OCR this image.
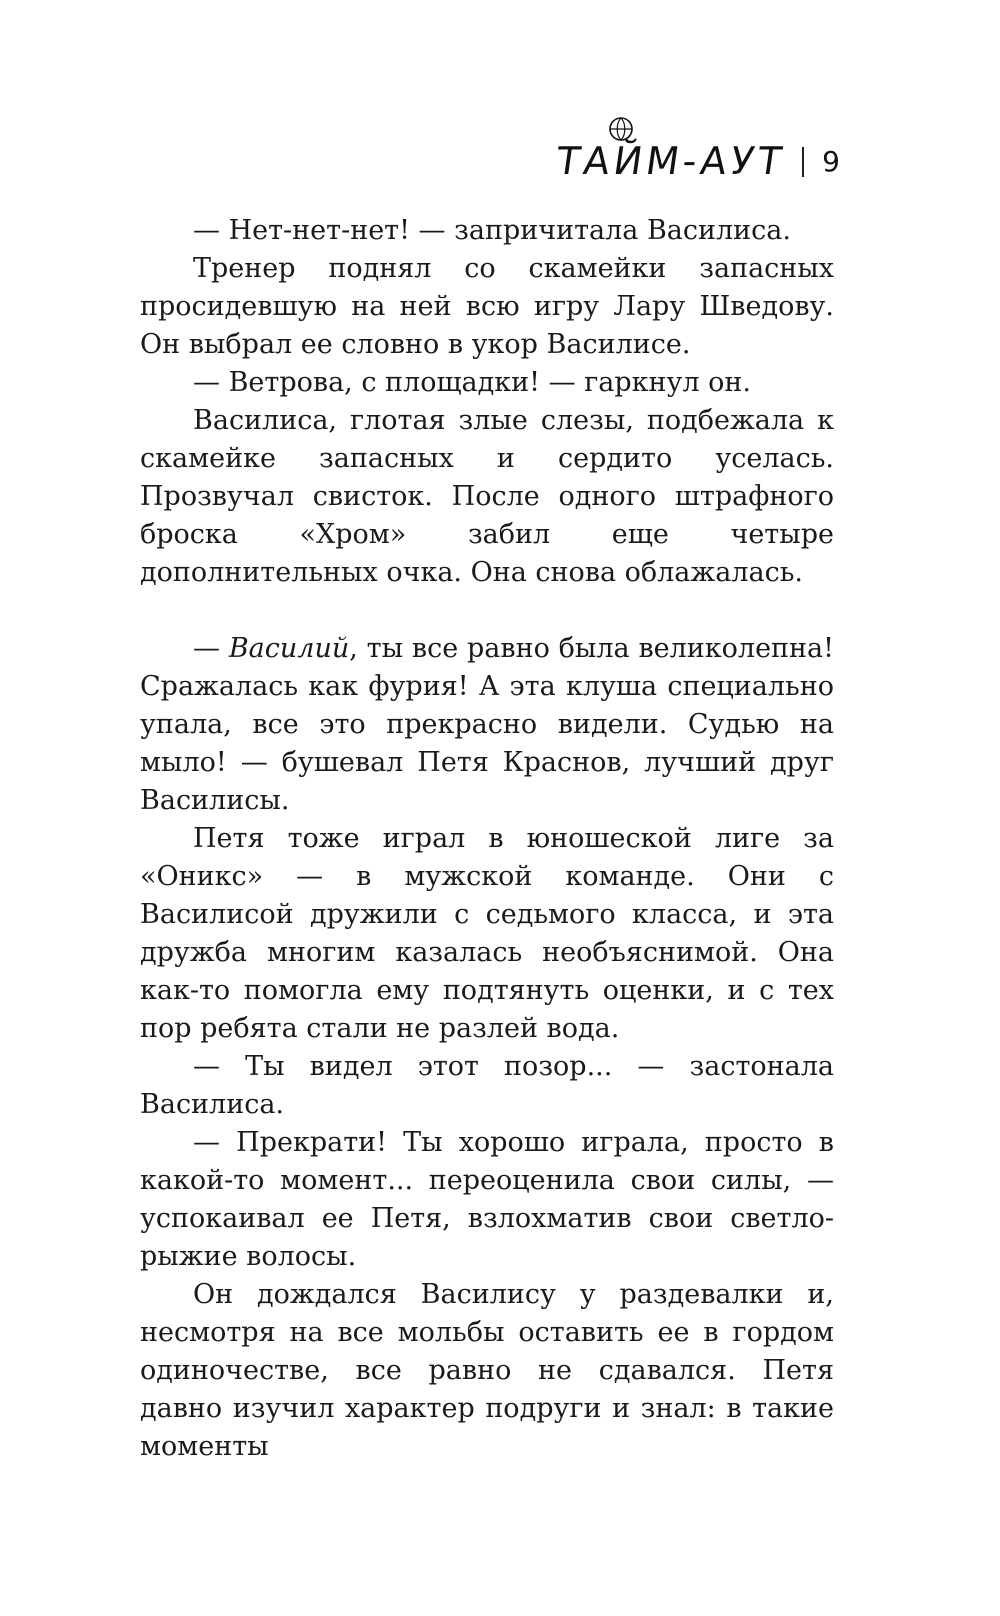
ТАЙМ-АУТ 9

— Нет-нет-нет! — запричитала Василиса.

Тренер поднял со скамейки запасных просидевшую на ней всю игру Лару Шведову. Он выбрал ее словно в укор Василисе.

— Ветрова, с площадки! — гаркнул он.

Василиса, глотая злые слезы, подбежала к скамейке запасных и сердито уселась. Прозвучал свисток. После одного штрафного броска «Хром» забил еще четыре дополнительных очка. Она снова облажалась.

— Василий, ты все равно была великолепна! Сражалась как фурия! А эта клуша специально упала, все это прекрасно видели. Судью на мыло! — бушевал Петя Краснов, лучший друг Василисы.

Петя тоже играл в юношеской лиге за «Оникс» — в мужской команде. Они с Василисой дружили с седьмого класса, и эта дружба многим казалась необъяснимой. Она как-то помогла ему подтянуть оценки, и с тех пор ребята стали не разлей вода.

— Ты видел этот позор... — застонала Василиса.

— Прекрати! Ты хорошо играла, просто в какой-то момент... переоценила свои силы, — успокаивал ее Петя, взлохматив свои светло-рыжие волосы.

Он дождался Василису у раздевалки и, несмотря на все мольбы оставить ее в гордом одиночестве, все равно не сдавался. Петя давно изучил характер подруги и знал: в такие моменты
